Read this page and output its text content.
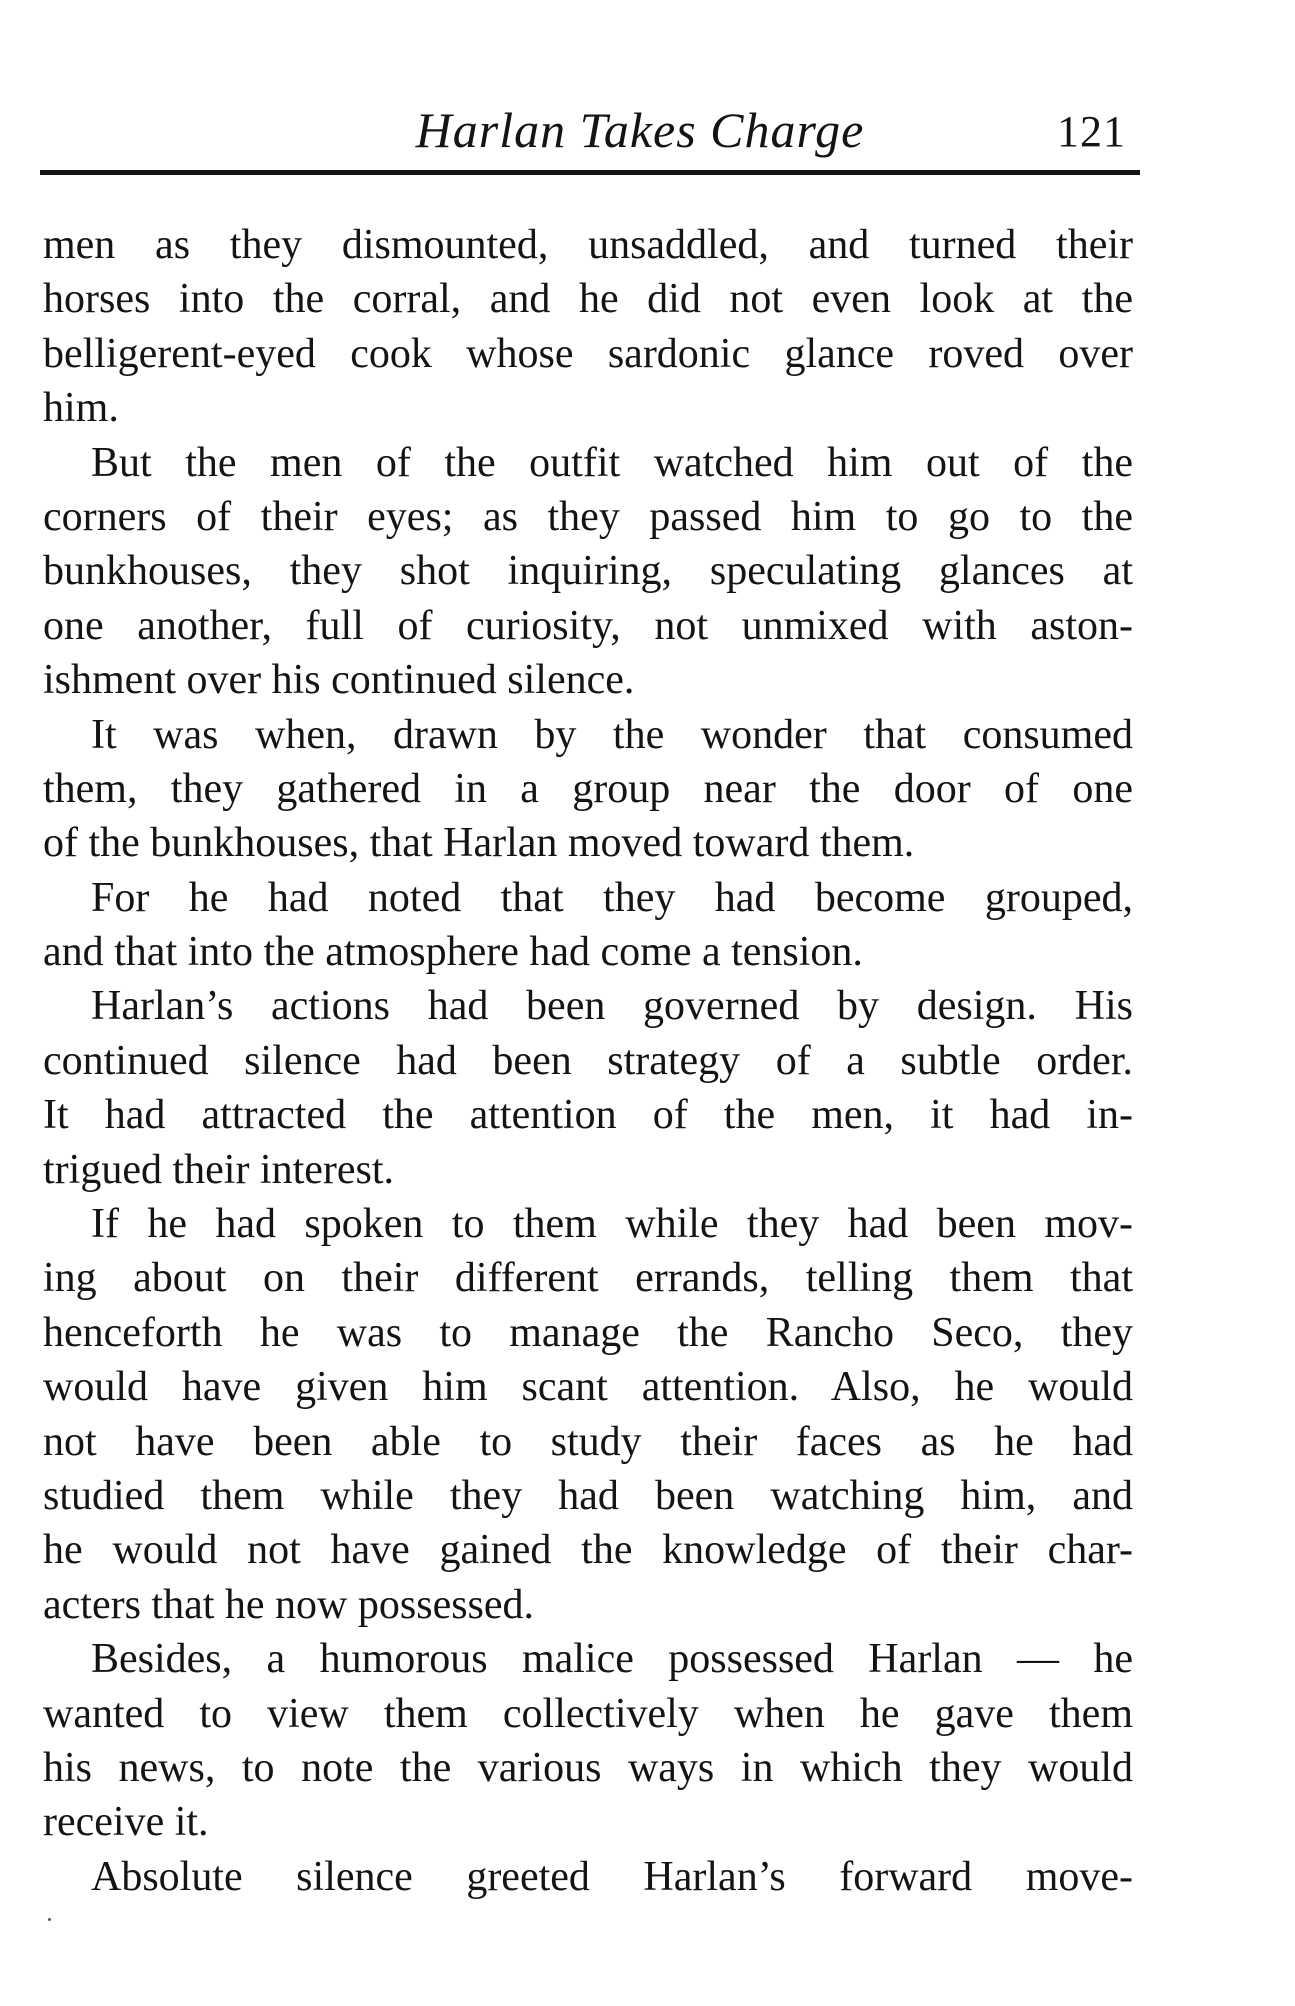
Harlan Takes Charge	121
men as they dismounted, unsaddled, and turned their
horses into the corral, and he did not even look at the
belligerent-eyed cook whose sardonic glance roved over
him.
But the men of the outfit watched him out of the
corners of their eyes; as they passed him to go to the
bunkhouses, they shot inquiring, speculating glances at
one another, full of curiosity, not unmixed with aston-
ishment over his continued silence.
It was when, drawn by the wonder that consumed
them, they gathered in a group near the door of one
of the bunkhouses, that Harlan moved toward them.
For he had noted that they had become grouped,
and that into the atmosphere had come a tension.
Harlan’s actions had been governed by design. His
continued silence had been strategy of a subtle order.
It had attracted the attention of the men, it had in-
trigued their interest.
If he had spoken to them while they had been mov-
ing about on their different errands, telling them that
henceforth he was to manage the Rancho Seco, they
would have given him scant attention. Also, he would
not have been able to study their faces as he had
studied them while they had been watching him, and
he would not have gained the knowledge of their char-
acters that he now possessed.
Besides, a humorous malice possessed Harlan — he
wanted to view them collectively when he gave them
his news, to note the various ways in which they would
receive it.
Absolute silence greeted Harlan’s forward move-
